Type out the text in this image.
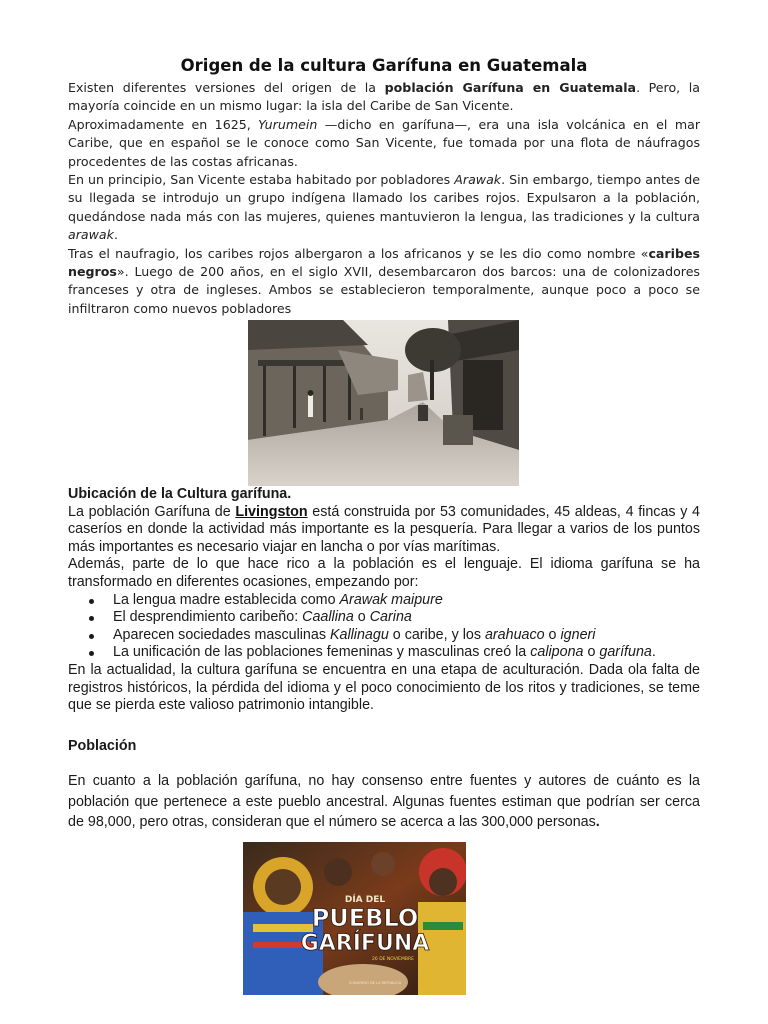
Origen de la cultura Garífuna en Guatemala

Existen diferentes versiones del origen de la población Garífuna en Guatemala. Pero, la mayoría coincide en un mismo lugar: la isla del Caribe de San Vicente.

Aproximadamente en 1625, Yurumein —dicho en garífuna—, era una isla volcánica en el mar Caribe, que en español se le conoce como San Vicente, fue tomada por una flota de náufragos procedentes de las costas africanas.

En un principio, San Vicente estaba habitado por pobladores Arawak. Sin embargo, tiempo antes de su llegada se introdujo un grupo indígena llamado los caribes rojos. Expulsaron a la población, quedándose nada más con las mujeres, quienes mantuvieron la lengua, las tradiciones y la cultura arawak.

Tras el naufragio, los caribes rojos albergaron a los africanos y se les dio como nombre «caribes negros». Luego de 200 años, en el siglo XVII, desembarcaron dos barcos: una de colonizadores franceses y otra de ingleses. Ambos se establecieron temporalmente, aunque poco a poco se infiltraron como nuevos pobladores

Ubicación de la Cultura garífuna.

La población Garífuna de Livingston está construida por 53 comunidades, 45 aldeas, 4 fincas y 4 caseríos en donde la actividad más importante es la pesquería. Para llegar a varios de los puntos más importantes es necesario viajar en lancha o por vías marítimas.

Además, parte de lo que hace rico a la población es el lenguaje. El idioma garífuna se ha transformado en diferentes ocasiones, empezando por:

La lengua madre establecida como Arawak maipure
El desprendimiento caribeño: Caallina o Carina
Aparecen sociedades masculinas Kallinagu o caribe, y los arahuaco o igneri
La unificación de las poblaciones femeninas y masculinas creó la calipona o garífuna.

En la actualidad, la cultura garífuna se encuentra en una etapa de aculturación. Dada ola falta de registros históricos, la pérdida del idioma y el poco conocimiento de los ritos y tradiciones, se teme que se pierda este valioso patrimonio intangible.

Población

En cuanto a la población garífuna, no hay consenso entre fuentes y autores de cuánto es la población que pertenece a este pueblo ancestral. Algunas fuentes estiman que podrían ser cerca de 98,000, pero otras, consideran que el número se acerca a las 300,000 personas.

DÍA DEL
PUEBLO
GARÍFUNA
26 DE NOVIEMBRE
CONGRESO DE LA REPÚBLICA
